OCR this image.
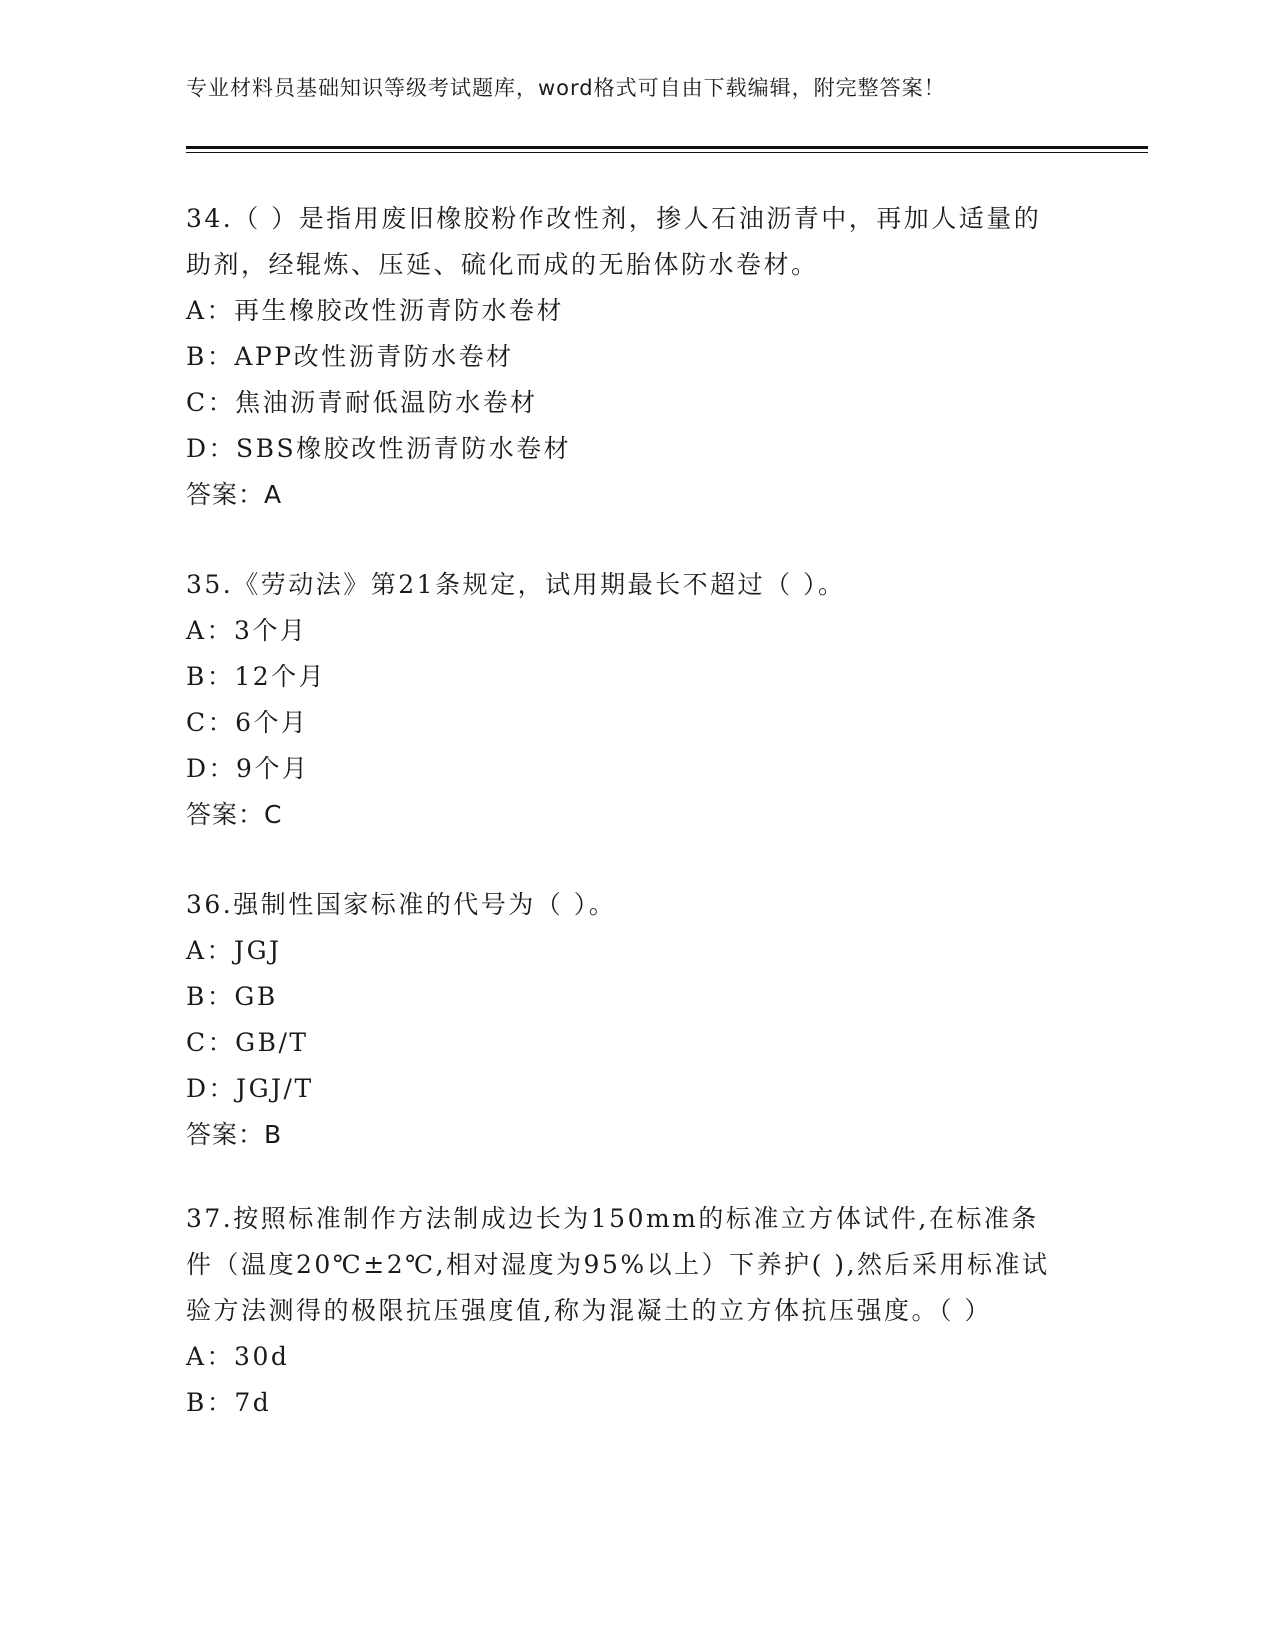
专业材料员基础知识等级考试题库，word格式可自由下载编辑，附完整答案！

34.（ ）是指用废旧橡胶粉作改性剂，掺人石油沥青中，再加人适量的助剂，经辊炼、压延、硫化而成的无胎体防水卷材。

A：再生橡胶改性沥青防水卷材

B：APP改性沥青防水卷材

C：焦油沥青耐低温防水卷材

D：SBS橡胶改性沥青防水卷材

答案：A

35.《劳动法》第21条规定，试用期最长不超过（ ）。

A：3个月

B：12个月

C：6个月

D：9个月

答案：C

36.强制性国家标准的代号为（ ）。

A：JGJ

B：GB

C：GB/T

D：JGJ/T

答案：B

37.按照标准制作方法制成边长为150mm的标准立方体试件,在标准条件（温度20℃±2℃,相对湿度为95%以上）下养护( ),然后采用标准试验方法测得的极限抗压强度值,称为混凝土的立方体抗压强度。（ ）

A：30d

B：7d
